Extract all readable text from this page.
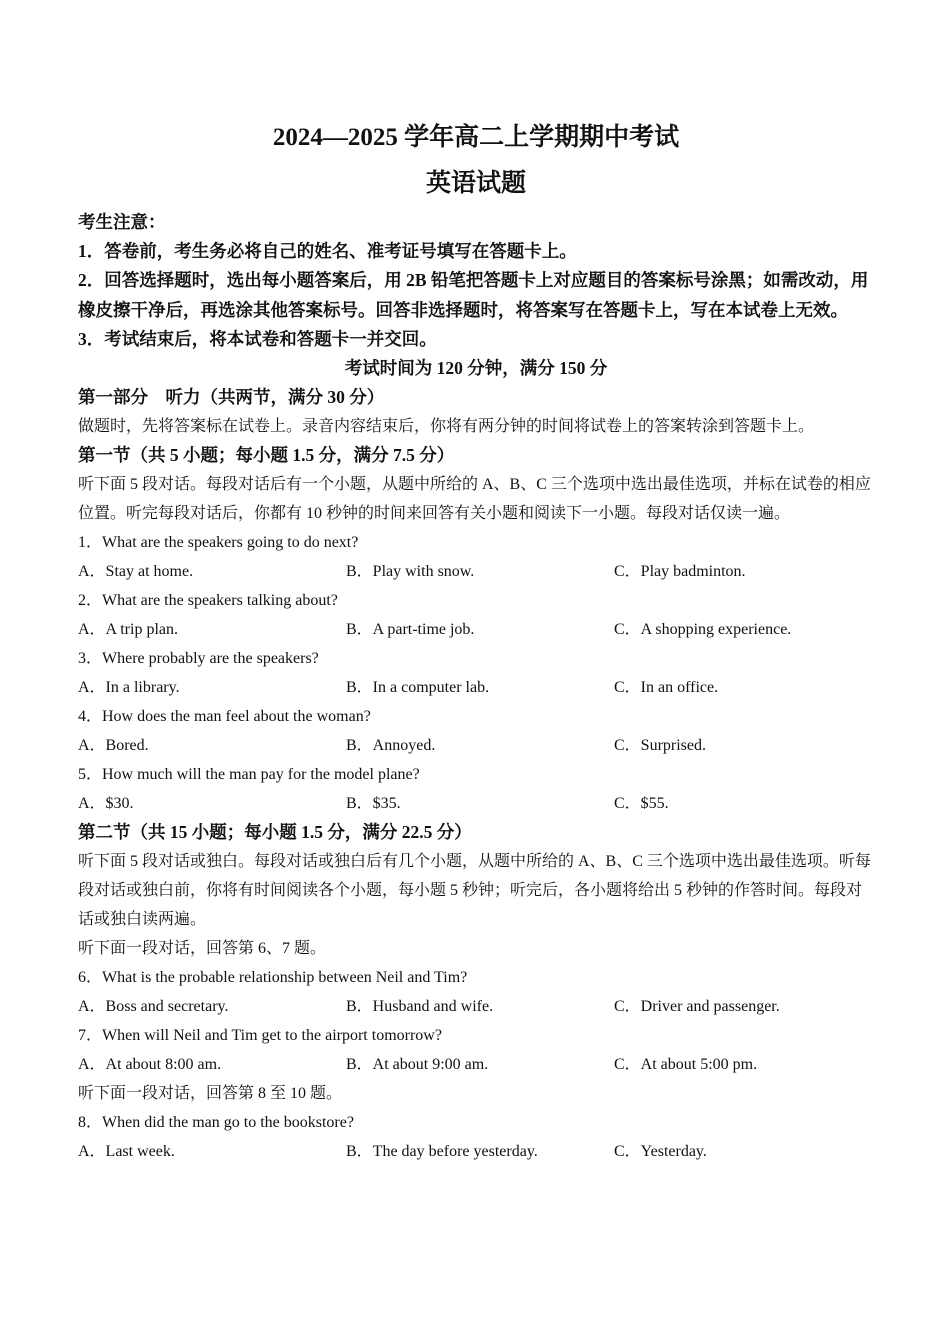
2024—2025 学年高二上学期期中考试
英语试题
考生注意：
1．答卷前，考生务必将自己的姓名、准考证号填写在答题卡上。
2．回答选择题时，选出每小题答案后，用 2B 铅笔把答题卡上对应题目的答案标号涂黑；如需改动，用橡皮擦干净后，再选涂其他答案标号。回答非选择题时，将答案写在答题卡上，写在本试卷上无效。
3．考试结束后，将本试卷和答题卡一并交回。
考试时间为 120 分钟，满分 150 分
第一部分　听力（共两节，满分 30 分）
做题时，先将答案标在试卷上。录音内容结束后，你将有两分钟的时间将试卷上的答案转涂到答题卡上。
第一节（共 5 小题；每小题 1.5 分，满分 7.5 分）
听下面 5 段对话。每段对话后有一个小题，从题中所给的 A、B、C 三个选项中选出最佳选项，并标在试卷的相应位置。听完每段对话后，你都有 10 秒钟的时间来回答有关小题和阅读下一小题。每段对话仅读一遍。
1．What are the speakers going to do next?
A．Stay at home.	B．Play with snow.	C．Play badminton.
2．What are the speakers talking about?
A．A trip plan.	B．A part-time job.	C．A shopping experience.
3．Where probably are the speakers?
A．In a library.	B．In a computer lab.	C．In an office.
4．How does the man feel about the woman?
A．Bored.	B．Annoyed.	C．Surprised.
5．How much will the man pay for the model plane?
A．$30.	B．$35.	C．$55.
第二节（共 15 小题；每小题 1.5 分，满分 22.5 分）
听下面 5 段对话或独白。每段对话或独白后有几个小题，从题中所给的 A、B、C 三个选项中选出最佳选项。听每段对话或独白前，你将有时间阅读各个小题，每小题 5 秒钟；听完后，各小题将给出 5 秒钟的作答时间。每段对话或独白读两遍。
听下面一段对话，回答第 6、7 题。
6．What is the probable relationship between Neil and Tim?
A．Boss and secretary.	B．Husband and wife.	C．Driver and passenger.
7．When will Neil and Tim get to the airport tomorrow?
A．At about 8:00 am.	B．At about 9:00 am.	C．At about 5:00 pm.
听下面一段对话，回答第 8 至 10 题。
8．When did the man go to the bookstore?
A．Last week.	B．The day before yesterday.	C．Yesterday.
